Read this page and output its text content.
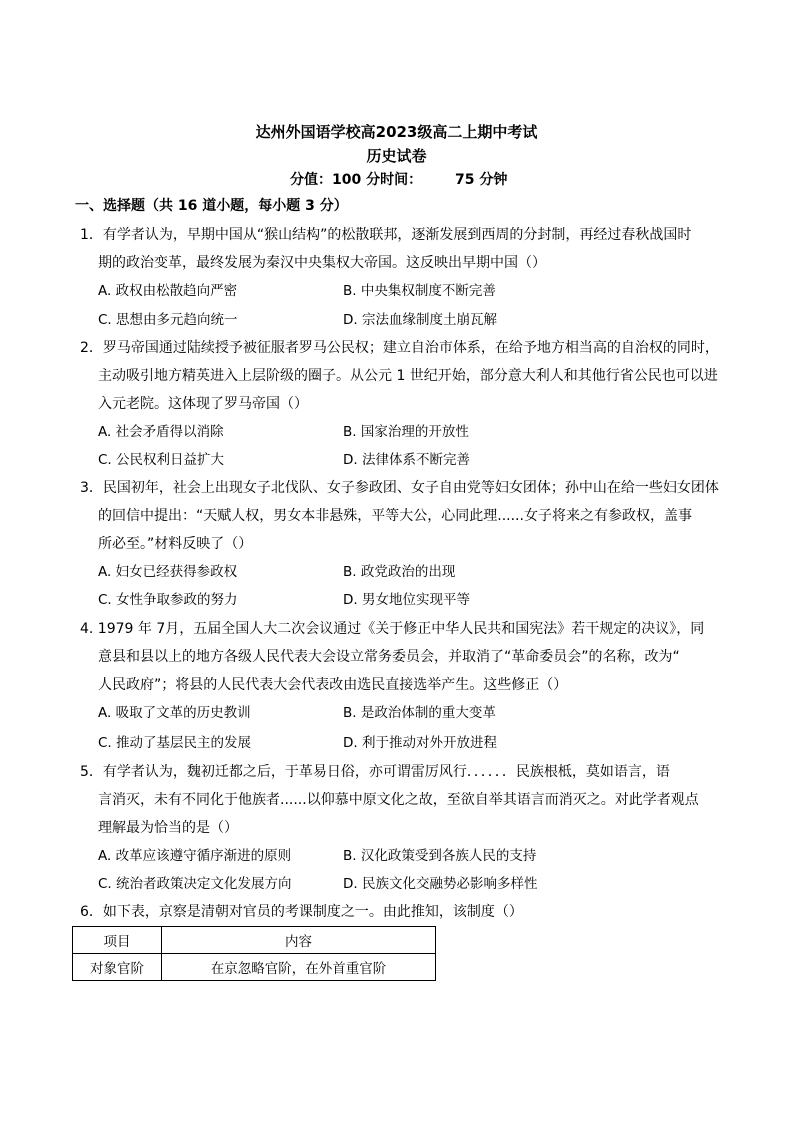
达州外国语学校高2023级高二上期中考试
历史试卷
分值：100 分时间： 75 分钟
一、选择题（共 16 道小题，每小题 3 分）
1．有学者认为，早期中国从“猴山结构”的松散联邦，逐渐发展到西周的分封制，再经过春秋战国时
期的政治变革，最终发展为秦汉中央集权大帝国。这反映出早期中国（）
A. 政权由松散趋向严密	B. 中央集权制度不断完善
C. 思想由多元趋向统一	D. 宗法血缘制度土崩瓦解
2．罗马帝国通过陆续授予被征服者罗马公民权；建立自治市体系，在给予地方相当高的自治权的同时，
主动吸引地方精英进入上层阶级的圈子。从公元 1 世纪开始，部分意大利人和其他行省公民也可以进
入元老院。这体现了罗马帝国（）
A. 社会矛盾得以消除	B. 国家治理的开放性
C. 公民权利日益扩大	D. 法律体系不断完善
3．民国初年，社会上出现女子北伐队、女子参政团、女子自由党等妇女团体；孙中山在给一些妇女团体
的回信中提出：“天赋人权，男女本非悬殊，平等大公，心同此理......女子将来之有参政权，盖事
所必至。”材料反映了（）
A. 妇女已经获得参政权	B. 政党政治的出现
C. 女性争取参政的努力	D. 男女地位实现平等
4. 1979 年 7月，五届全国人大二次会议通过《关于修正中华人民共和国宪法》若干规定的决议》，同
意县和县以上的地方各级人民代表大会设立常务委员会，并取消了“革命委员会”的名称，改为“
人民政府”；将县的人民代表大会代表改由选民直接选举产生。这些修正（）
A. 吸取了文革的历史教训	B. 是政治体制的重大变革
C. 推动了基层民主的发展	D. 利于推动对外开放进程
5．有学者认为，魏初迁都之后，于革易日俗，亦可谓雷厉风行．．．．．．民族根柢，莫如语言，语
言消灭，未有不同化于他族者......以仰慕中原文化之故，至欲自举其语言而消灭之。对此学者观点
理解最为恰当的是（）
A. 改革应该遵守循序渐进的原则	B. 汉化政策受到各族人民的支持
C. 统治者政策决定文化发展方向	D. 民族文化交融势必影响多样性
6．如下表，京察是清朝对官员的考课制度之一。由此推知，该制度（）
项目	内容
对象官阶	在京忽略官阶，在外首重官阶
